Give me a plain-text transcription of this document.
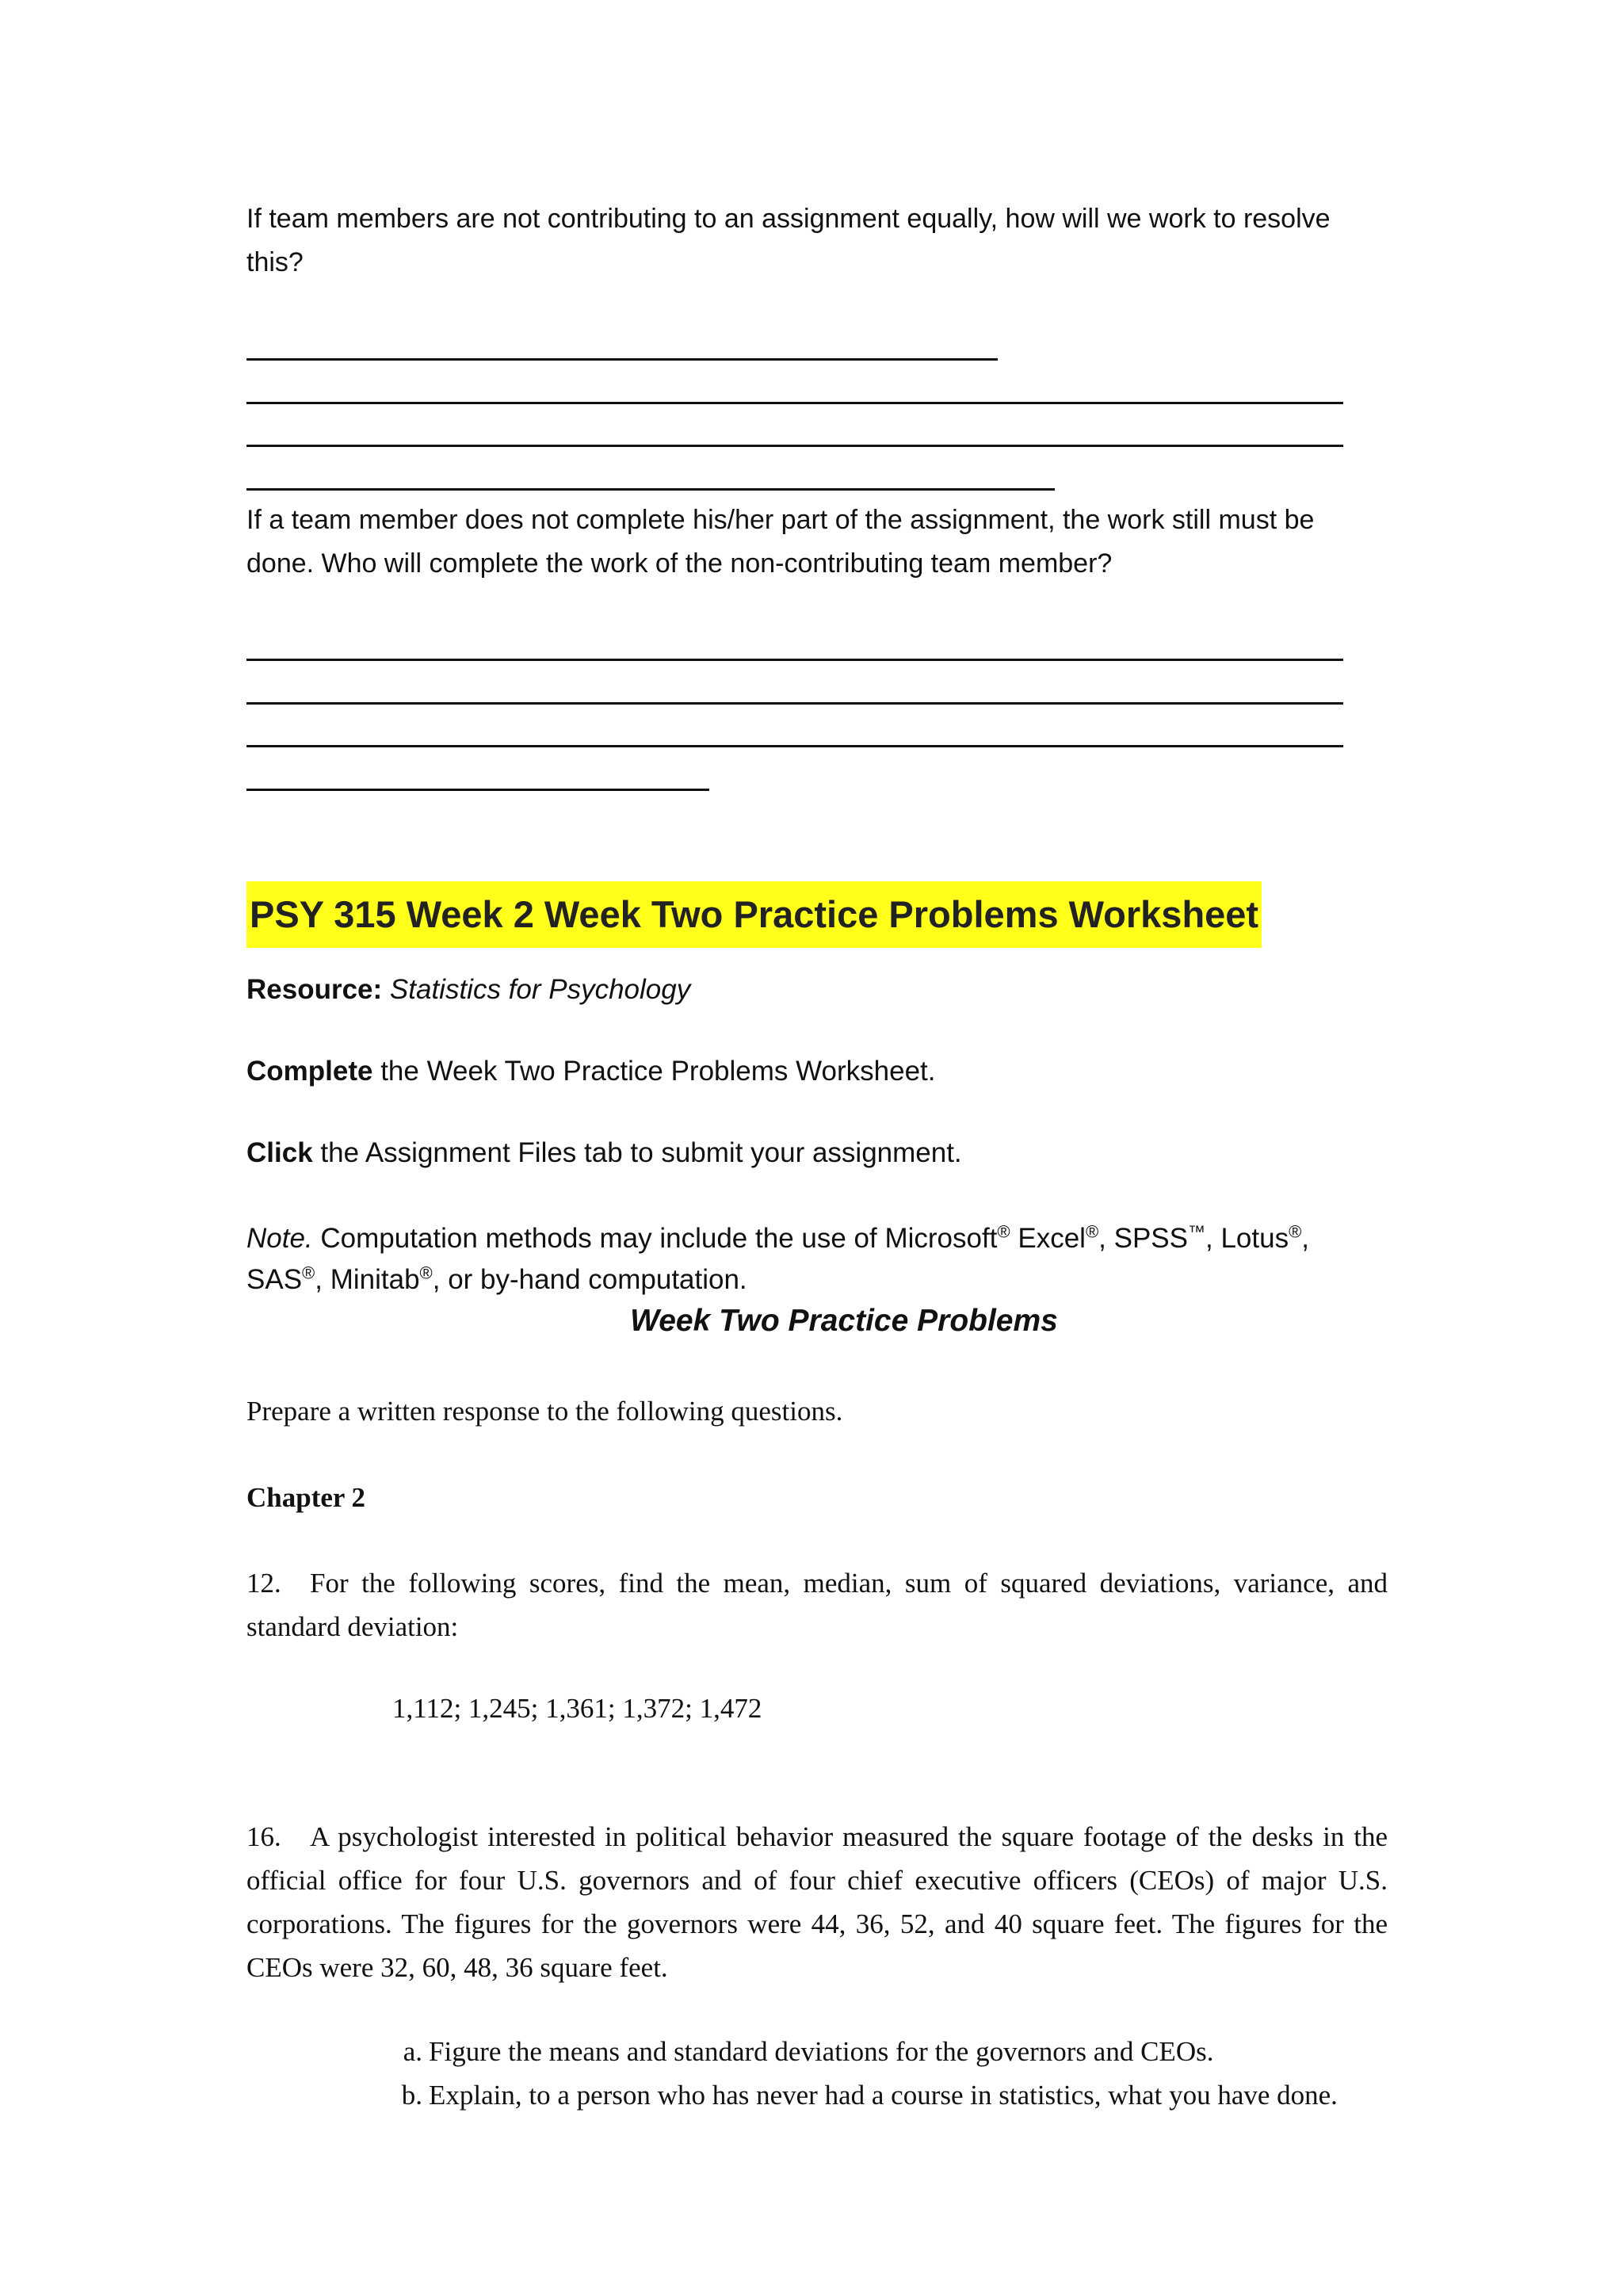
If team members are not contributing to an assignment equally, how will we work to resolve this?
If a team member does not complete his/her part of the assignment, the work still must be done. Who will complete the work of the non-contributing team member?
PSY 315 Week 2 Week Two Practice Problems Worksheet
Resource: Statistics for Psychology
Complete the Week Two Practice Problems Worksheet.
Click the Assignment Files tab to submit your assignment.
Note. Computation methods may include the use of Microsoft® Excel®, SPSS™, Lotus®,
SAS®, Minitab®, or by-hand computation.
Week Two Practice Problems
Prepare a written response to the following questions.
Chapter 2
12. For the following scores, find the mean, median, sum of squared deviations, variance, and standard deviation:
1,112; 1,245; 1,361; 1,372; 1,472
16. A psychologist interested in political behavior measured the square footage of the desks in the official office for four U.S. governors and of four chief executive officers (CEOs) of major U.S. corporations. The figures for the governors were 44, 36, 52, and 40 square feet. The figures for the CEOs were 32, 60, 48, 36 square feet.
a. Figure the means and standard deviations for the governors and CEOs.
b. Explain, to a person who has never had a course in statistics, what you have done.
